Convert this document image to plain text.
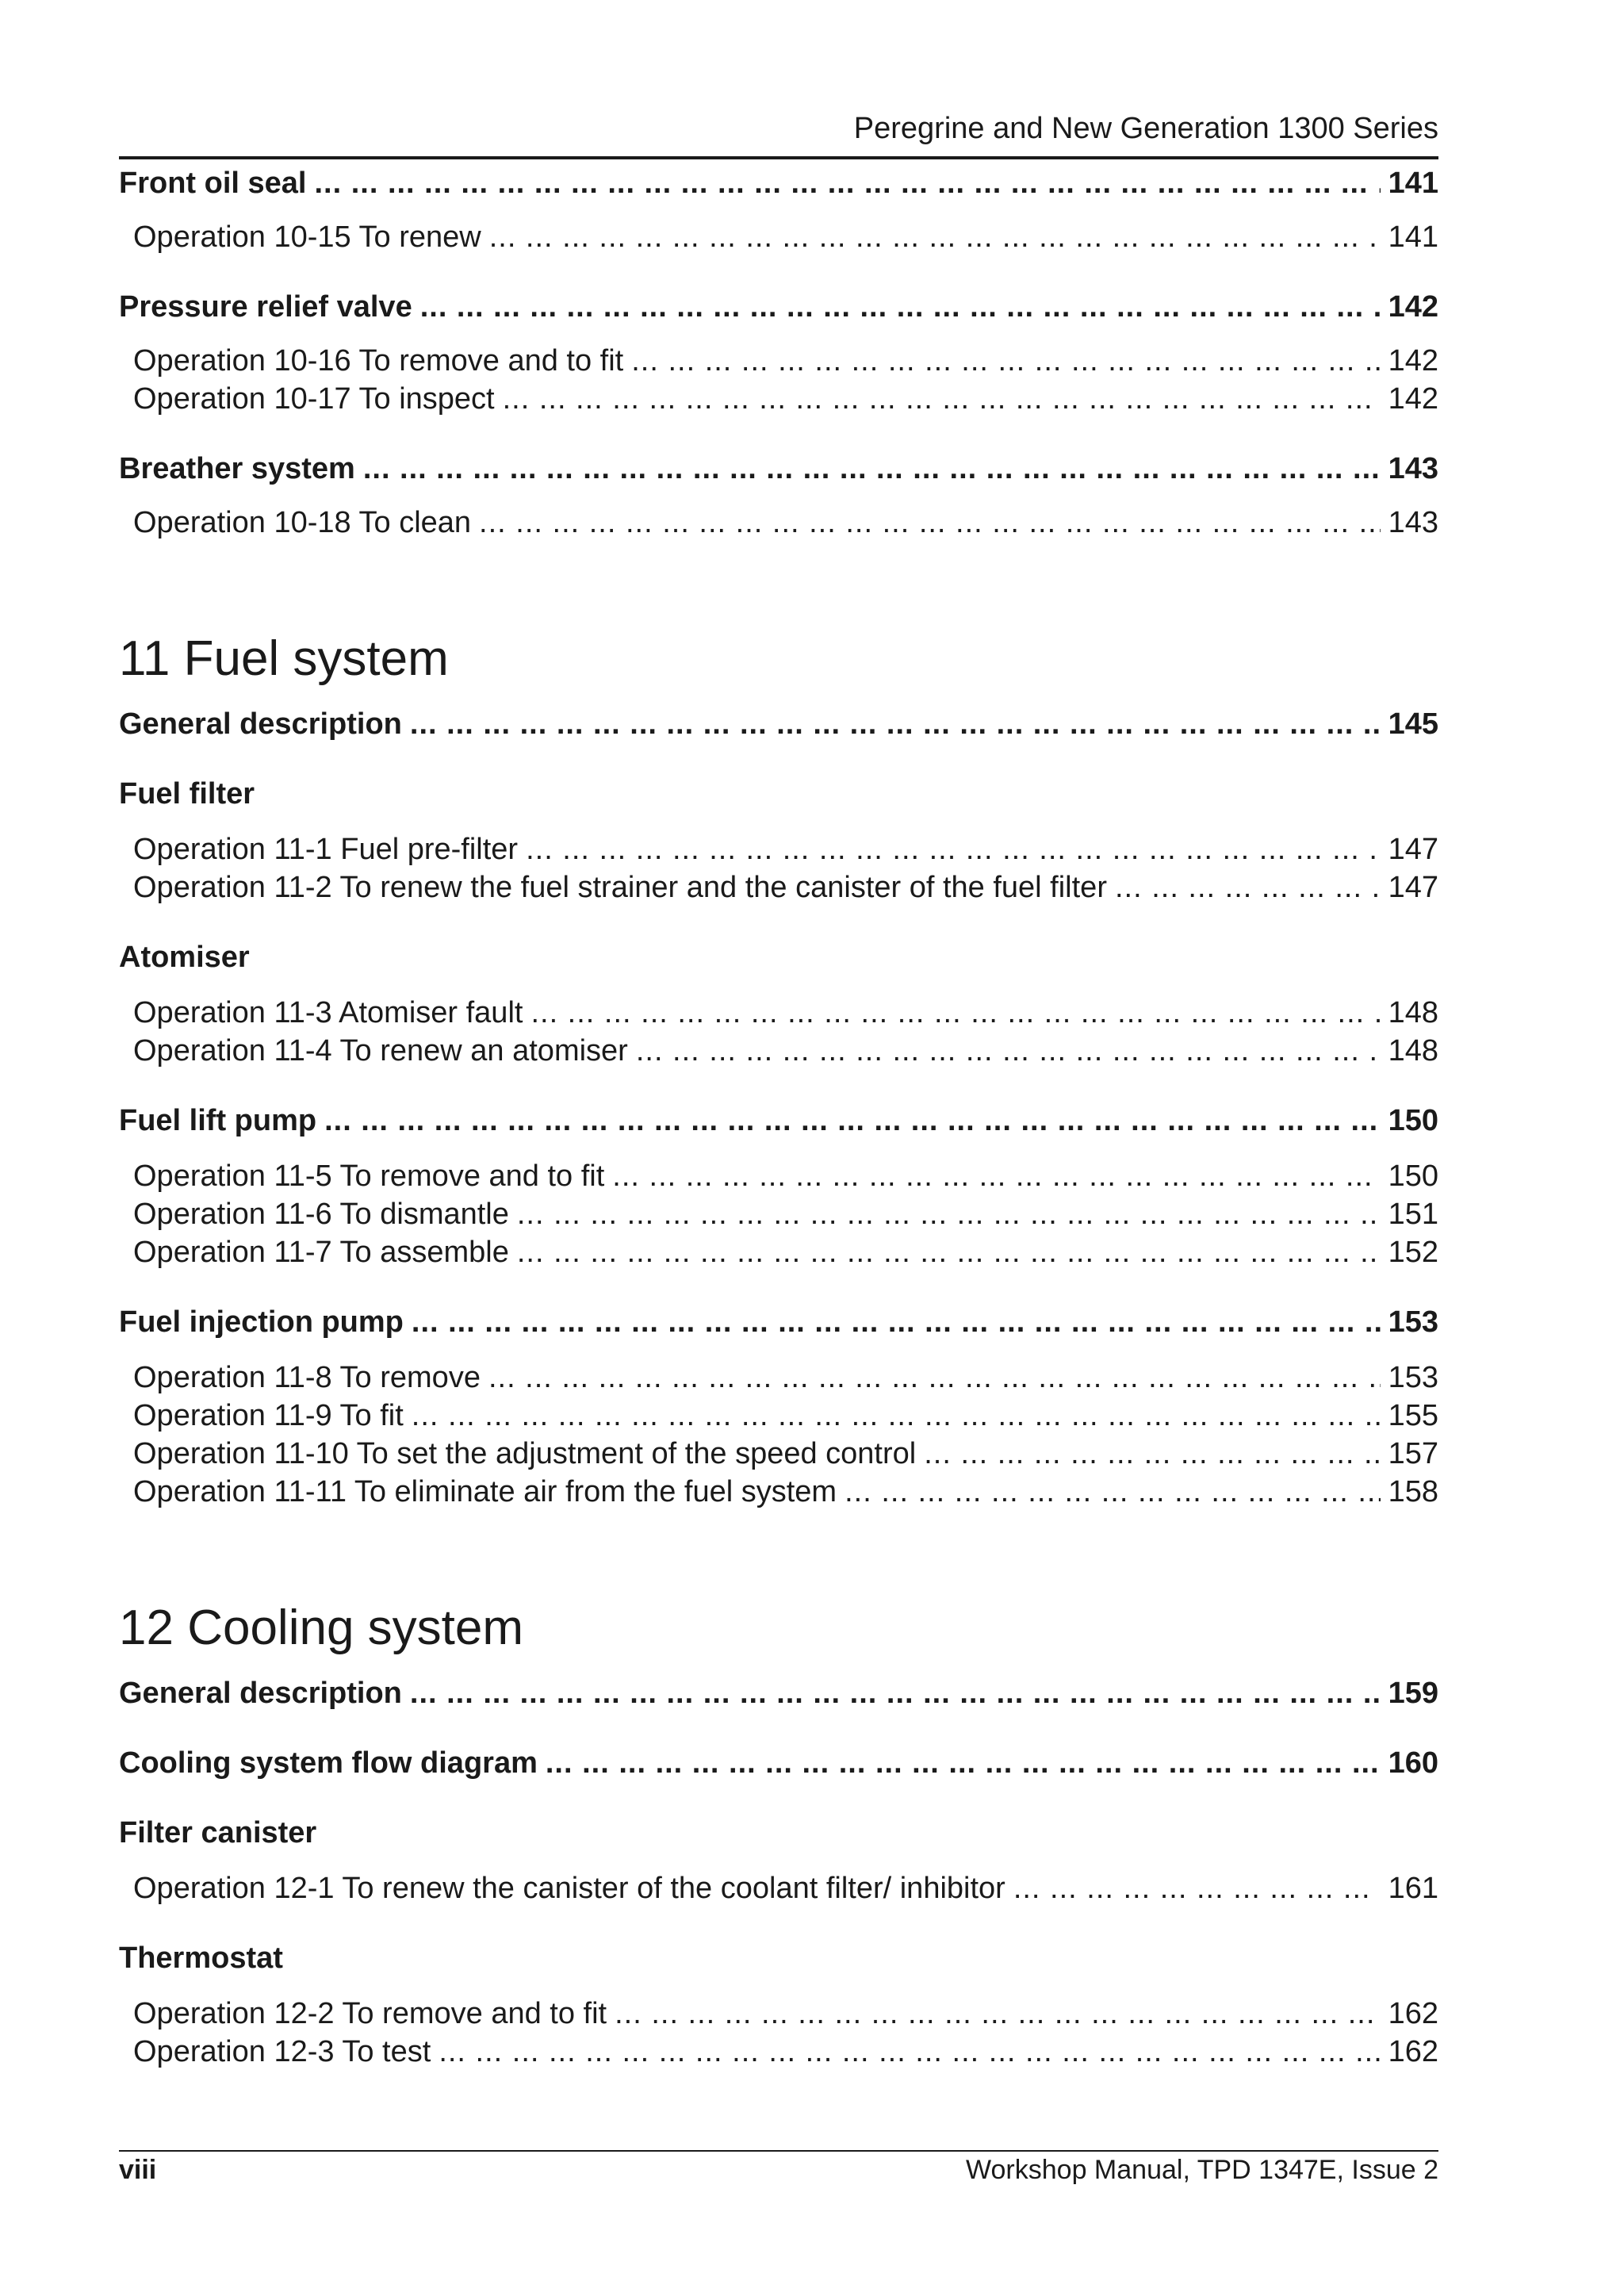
Peregrine and New Generation 1300 Series
Front oil seal ... .	141
Operation 10-15 To renew ... .	141
Pressure relief valve ... .	142
Operation 10-16 To remove and to fit ... .	142
Operation 10-17 To inspect ... .	142
Breather system ... .	143
Operation 10-18 To clean ... .	143
11 Fuel system
General description ... .	145
Fuel filter
Operation 11-1 Fuel pre-filter ... .	147
Operation 11-2 To renew the fuel strainer and the canister of the fuel filter ... .	147
Atomiser
Operation 11-3 Atomiser fault ... .	148
Operation 11-4 To renew an atomiser ... .	148
Fuel lift pump ... .	150
Operation 11-5 To remove and to fit ... .	150
Operation 11-6 To dismantle ... .	151
Operation 11-7 To assemble ... .	152
Fuel injection pump ... .	153
Operation 11-8 To remove ... .	153
Operation 11-9 To fit ... .	155
Operation 11-10 To set the adjustment of the speed control ... .	157
Operation 11-11 To eliminate air from the fuel system ... .	158
12 Cooling system
General description ... .	159
Cooling system flow diagram ... .	160
Filter canister
Operation 12-1 To renew the canister of the coolant filter/ inhibitor ... .	161
Thermostat
Operation 12-2 To remove and to fit ... .	162
Operation 12-3 To test ... .	162
viii	Workshop Manual, TPD 1347E, Issue 2
